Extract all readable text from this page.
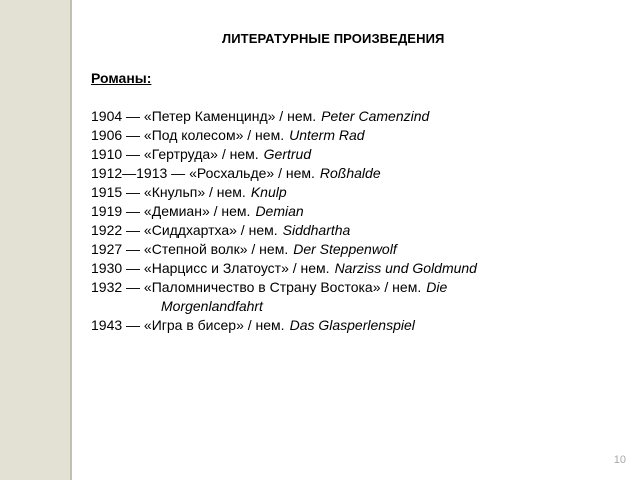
ЛИТЕРАТУРНЫЕ ПРОИЗВЕДЕНИЯ
Романы:
1904 — «Петер Каменцинд» / нем. Peter Camenzind
1906 — «Под колесом» / нем. Unterm Rad
1910 — «Гертруда» / нем. Gertrud
1912—1913 — «Росхальде» / нем. Roßhalde
1915 — «Кнульп» / нем. Knulp
1919 — «Демиан» / нем. Demian
1922 — «Сиддхартха» / нем. Siddhartha
1927 — «Степной волк» / нем. Der Steppenwolf
1930 — «Нарцисс и Златоуст» / нем. Narziss und Goldmund
1932 — «Паломничество в Страну Востока» / нем. Die
Morgenlandfahrt
1943 — «Игра в бисер» / нем. Das Glasperlenspiel
10
